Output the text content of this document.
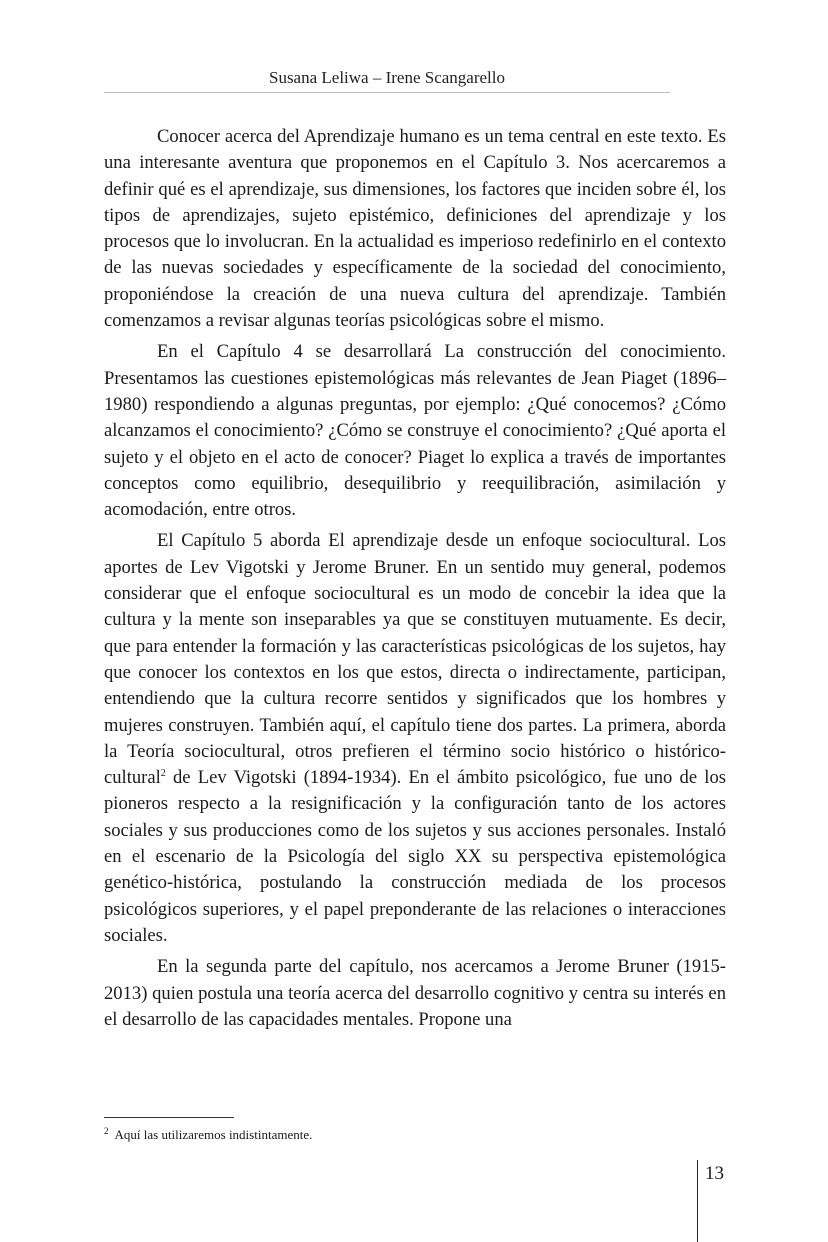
Susana Leliwa – Irene Scangarello

Conocer acerca del Aprendizaje humano es un tema central en este texto. Es una interesante aventura que proponemos en el Capítulo 3. Nos acercaremos a definir qué es el aprendizaje, sus dimensiones, los factores que inciden sobre él, los tipos de aprendizajes, sujeto epistémico, definiciones del aprendizaje y los procesos que lo involucran. En la actualidad es imperioso redefinirlo en el contexto de las nuevas sociedades y específicamente de la sociedad del conocimiento, proponiéndose la creación de una nueva cultura del aprendizaje. También comenzamos a revisar algunas teorías psicológicas sobre el mismo.

En el Capítulo 4 se desarrollará La construcción del conocimiento. Presentamos las cuestiones epistemológicas más relevantes de Jean Piaget (1896–1980) respondiendo a algunas preguntas, por ejemplo: ¿Qué conocemos? ¿Cómo alcanzamos el conocimiento? ¿Cómo se construye el conocimiento? ¿Qué aporta el sujeto y el objeto en el acto de conocer? Piaget lo explica a través de importantes conceptos como equilibrio, desequilibrio y reequilibración, asimilación y acomodación, entre otros.

El Capítulo 5 aborda El aprendizaje desde un enfoque sociocultural. Los aportes de Lev Vigotski y Jerome Bruner. En un sentido muy general, podemos considerar que el enfoque sociocultural es un modo de concebir la idea que la cultura y la mente son inseparables ya que se constituyen mutuamente. Es decir, que para entender la formación y las características psicológicas de los sujetos, hay que conocer los contextos en los que estos, directa o indirectamente, participan, entendiendo que la cultura recorre sentidos y significados que los hombres y mujeres construyen. También aquí, el capítulo tiene dos partes. La primera, aborda la Teoría sociocultural, otros prefieren el término socio histórico o histórico-cultural$^2$ de Lev Vigotski (1894-1934). En el ámbito psicológico, fue uno de los pioneros respecto a la resignificación y la configuración tanto de los actores sociales y sus producciones como de los sujetos y sus acciones personales. Instaló en el escenario de la Psicología del siglo XX su perspectiva epistemológica genético-histórica, postulando la construcción mediada de los procesos psicológicos superiores, y el papel preponderante de las relaciones o interacciones sociales.

En la segunda parte del capítulo, nos acercamos a Jerome Bruner (1915- 2013) quien postula una teoría acerca del desarrollo cognitivo y centra su interés en el desarrollo de las capacidades mentales. Propone una

$^2$ Aquí las utilizaremos indistintamente.
13
